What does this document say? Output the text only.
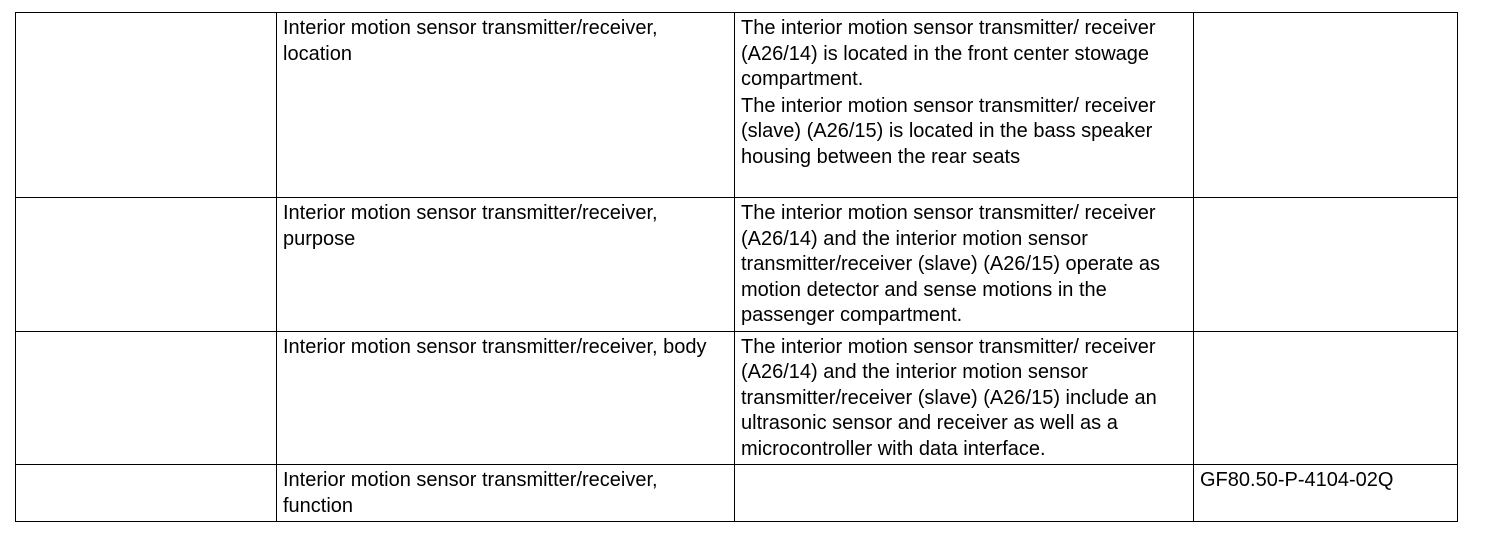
	Interior motion sensor transmitter/receiver, location	The interior motion sensor transmitter/ receiver (A26/14) is located in the front center stowage compartment.
The interior motion sensor transmitter/ receiver (slave) (A26/15) is located in the bass speaker housing between the rear seats	

	Interior motion sensor transmitter/receiver, purpose	The interior motion sensor transmitter/ receiver (A26/14) and the interior motion sensor transmitter/receiver (slave) (A26/15) operate as motion detector and sense motions in the passenger compartment.	

	Interior motion sensor transmitter/receiver, body	The interior motion sensor transmitter/ receiver (A26/14) and the interior motion sensor transmitter/receiver (slave) (A26/15) include an ultrasonic sensor and receiver as well as a microcontroller with data interface.	

	Interior motion sensor transmitter/receiver, function		GF80.50-P-4104-02Q
